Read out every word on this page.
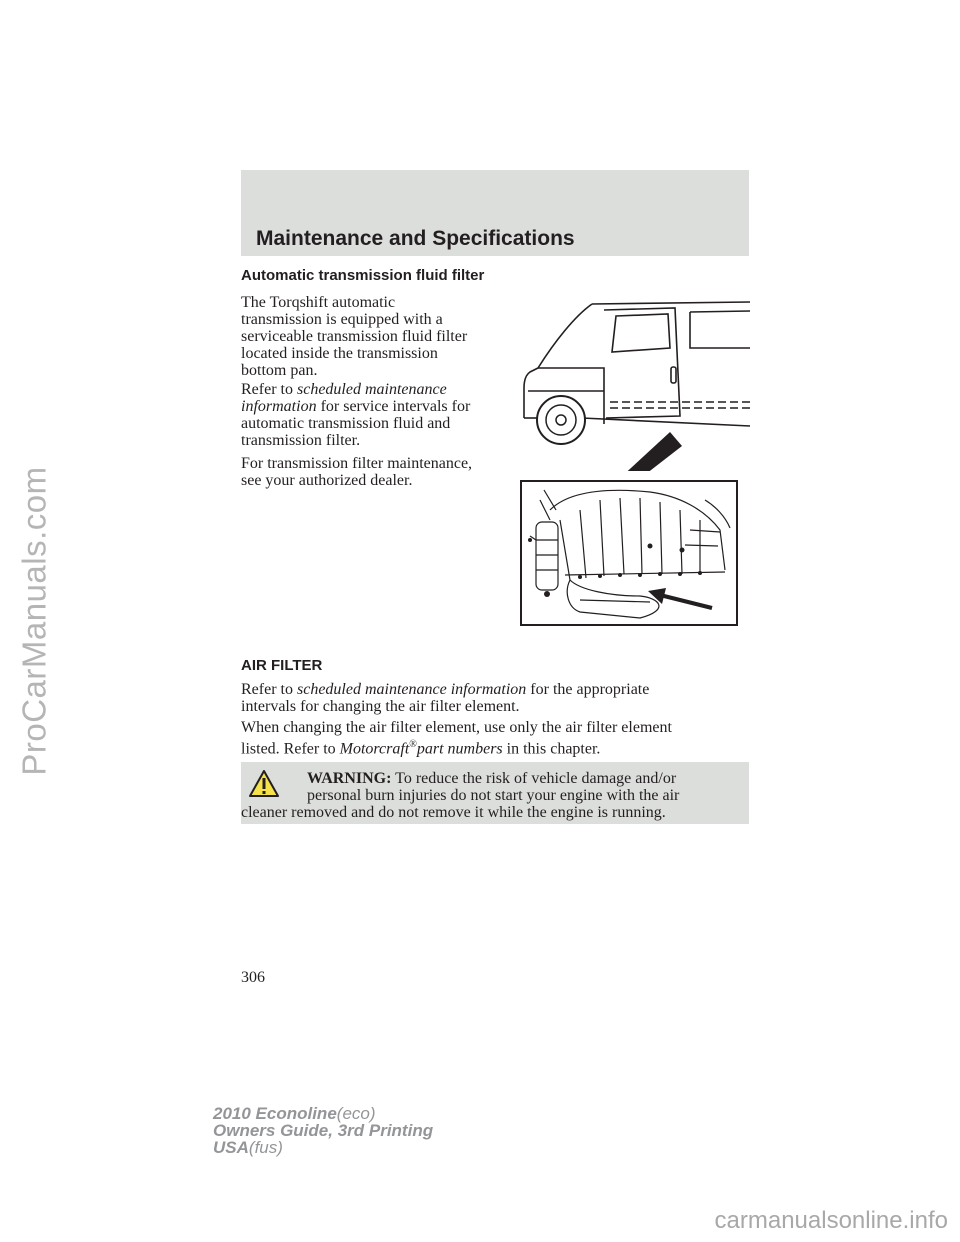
ProCarManuals.com
Maintenance and Specifications
Automatic transmission fluid filter

The Torqshift automatic
transmission is equipped with a
serviceable transmission fluid filter
located inside the transmission
bottom pan.

Refer to scheduled maintenance
information for service intervals for
automatic transmission fluid and
transmission filter.

For transmission filter maintenance,
see your authorized dealer.

AIR FILTER

Refer to scheduled maintenance information for the appropriate
intervals for changing the air filter element.

When changing the air filter element, use only the air filter element
listed. Refer to Motorcraft®part numbers in this chapter.

WARNING: To reduce the risk of vehicle damage and/or
personal burn injuries do not start your engine with the air
cleaner removed and do not remove it while the engine is running.

306
2010 Econoline(eco)
Owners Guide, 3rd Printing
USA(fus)
carmanualsonline.info
